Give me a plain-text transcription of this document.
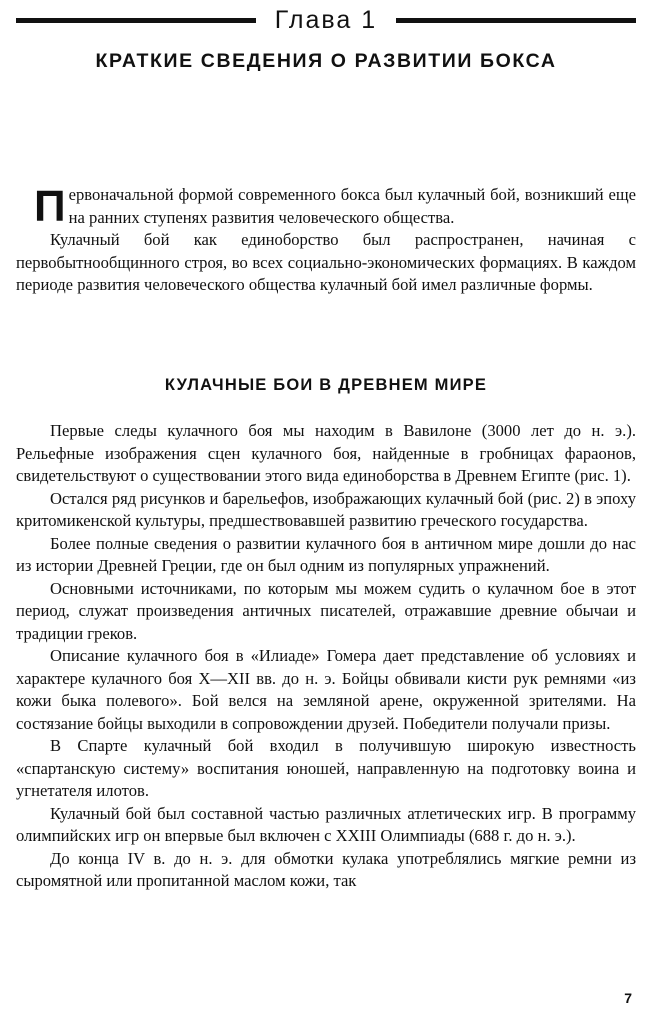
Глава 1
КРАТКИЕ СВЕДЕНИЯ О РАЗВИТИИ БОКСА

Первоначальной формой современного бокса был кулачный бой, возникший еще на ранних ступенях развития человеческого общества.

Кулачный бой как единоборство был распространен, начиная с первобытнообщинного строя, во всех социально-экономических формациях. В каждом периоде развития человеческого общества кулачный бой имел различные формы.

КУЛАЧНЫЕ БОИ В ДРЕВНЕМ МИРЕ

Первые следы кулачного боя мы находим в Вавилоне (3000 лет до н. э.). Рельефные изображения сцен кулачного боя, найденные в гробницах фараонов, свидетельствуют о существовании этого вида единоборства в Древнем Египте (рис. 1).

Остался ряд рисунков и барельефов, изображающих кулачный бой (рис. 2) в эпоху критомикенской культуры, предшествовавшей развитию греческого государства.

Более полные сведения о развитии кулачного боя в античном мире дошли до нас из истории Древней Греции, где он был одним из популярных упражнений.

Основными источниками, по которым мы можем судить о кулачном бое в этот период, служат произведения античных писателей, отражавшие древние обычаи и традиции греков.

Описание кулачного боя в «Илиаде» Гомера дает представление об условиях и характере кулачного боя X—XII вв. до н. э. Бойцы обвивали кисти рук ремнями «из кожи быка полевого». Бой велся на земляной арене, окруженной зрителями. На состязание бойцы выходили в сопровождении друзей. Победители получали призы.

В Спарте кулачный бой входил в получившую широкую известность «спартанскую систему» воспитания юношей, направленную на подготовку воина и угнетателя илотов.

Кулачный бой был составной частью различных атлетических игр. В программу олимпийских игр он впервые был включен с XXIII Олимпиады (688 г. до н. э.).

До конца IV в. до н. э. для обмотки кулака употреблялись мягкие ремни из сыромятной или пропитанной маслом кожи, так

7
